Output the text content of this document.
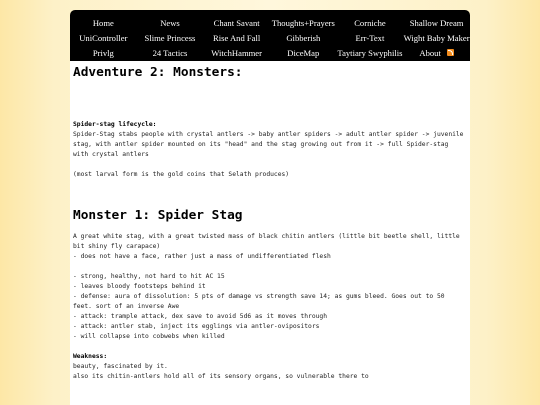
Home	News	Chant Savant	Thoughts+Prayers	Corniche	Shallow Dream
UniController	Slime Princess	Rise And Fall	Gibberish	Err-Text	Wight Baby Maker
Privlg	24 Tactics	WitchHammer	DiceMap	Taytiary Swyphilis	About
Adventure 2: Monsters:

Spider-stag lifecycle:

Spider-Stag stabs people with crystal antlers -> baby antler spiders -> adult antler spider -> juvenile stag, with antler spider mounted on its "head" and the stag growing out from it -> full Spider-stag with crystal antlers

(most larval form is the gold coins that Selath produces)

Monster 1: Spider Stag

A great white stag, with a great twisted mass of black chitin antlers (little bit beetle shell, little bit shiny fly carapace)
- does not have a face, rather just a mass of undifferentiated flesh

- strong, healthy, not hard to hit AC 15
- leaves bloody footsteps behind it
- defense: aura of dissolution: 5 pts of damage vs strength save 14; as gums bleed. Goes out to 50 feet. sort of an inverse Awe
- attack: trample attack, dex save to avoid 5d6 as it moves through
- attack: antler stab, inject its egglings via antler-ovipositors
- will collapse into cobwebs when killed

Weakness:

beauty, fascinated by it.
also its chitin-antlers hold all of its sensory organs, so vulnerable there to
